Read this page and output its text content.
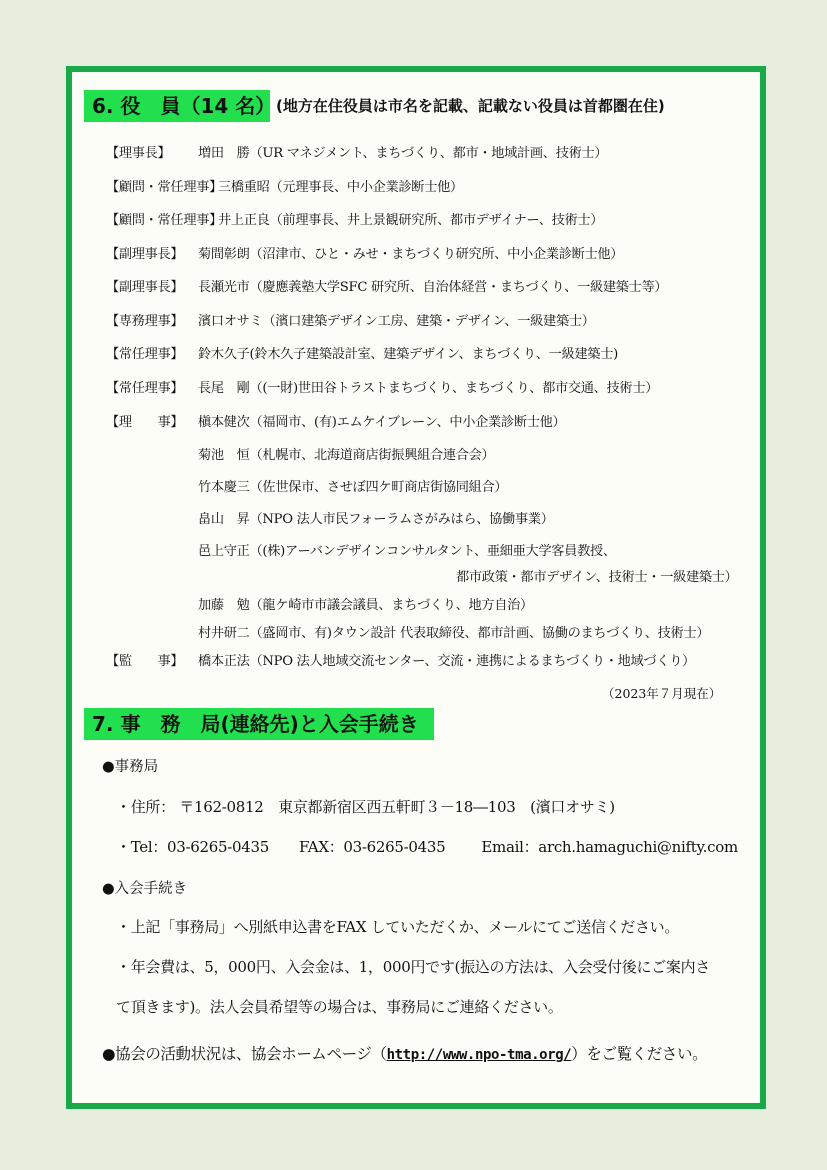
6. 役　員（14 名） (地方在住役員は市名を記載、記載ない役員は首都圏在住)
【理事長】 増田　勝（UR マネジメント、まちづくり、都市・地域計画、技術士）
【顧問・常任理事】三橋重昭（元理事長、中小企業診断士他）
【顧問・常任理事】井上正良（前理事長、井上景観研究所、都市デザイナー、技術士）
【副理事長】 菊間彰朗（沼津市、ひと・みせ・まちづくり研究所、中小企業診断士他）
【副理事長】 長瀬光市（慶應義塾大学SFC 研究所、自治体経営・まちづくり、一級建築士等）
【専務理事】 濱口オサミ（濱口建築デザイン工房、建築・デザイン、一級建築士）
【常任理事】 鈴木久子(鈴木久子建築設計室、建築デザイン、まちづくり、一級建築士)
【常任理事】 長尾　剛（(一財)世田谷トラストまちづくり、まちづくり、都市交通、技術士）
【理　　事】 槇本健次（福岡市、(有)エムケイブレーン、中小企業診断士他）
菊池　恒（札幌市、北海道商店街振興組合連合会）
竹本慶三（佐世保市、させぼ四ケ町商店街協同組合）
畠山　昇（NPO 法人市民フォーラムさがみはら、協働事業）
邑上守正（(株)アーバンデザインコンサルタント、亜細亜大学客員教授、
都市政策・都市デザイン、技術士・一級建築士）
加藤　勉（龍ケ崎市市議会議員、まちづくり、地方自治）
村井研二（盛岡市、有)タウン設計 代表取締役、都市計画、協働のまちづくり、技術士）
【監　　事】 橋本正法（NPO 法人地域交流センター、交流・連携によるまちづくり・地域づくり）
（2023年７月現在）
7. 事　務　局(連絡先)と入会手続き
●事務局
・住所： 〒162-0812　東京都新宿区西五軒町３－18―103　(濱口オサミ)
・Tel：03-6265-0435 FAX：03-6265-0435 Email：arch.hamaguchi@nifty.com
●入会手続き
・上記「事務局」へ別紙申込書をFAX していただくか、メールにてご送信ください。
・年会費は、5，000円、入会金は、1，000円です(振込の方法は、入会受付後にご案内さ
て頂きます)。法人会員希望等の場合は、事務局にご連絡ください。
●協会の活動状況は、協会ホームページ（http://www.npo-tma.org/）をご覧ください。
